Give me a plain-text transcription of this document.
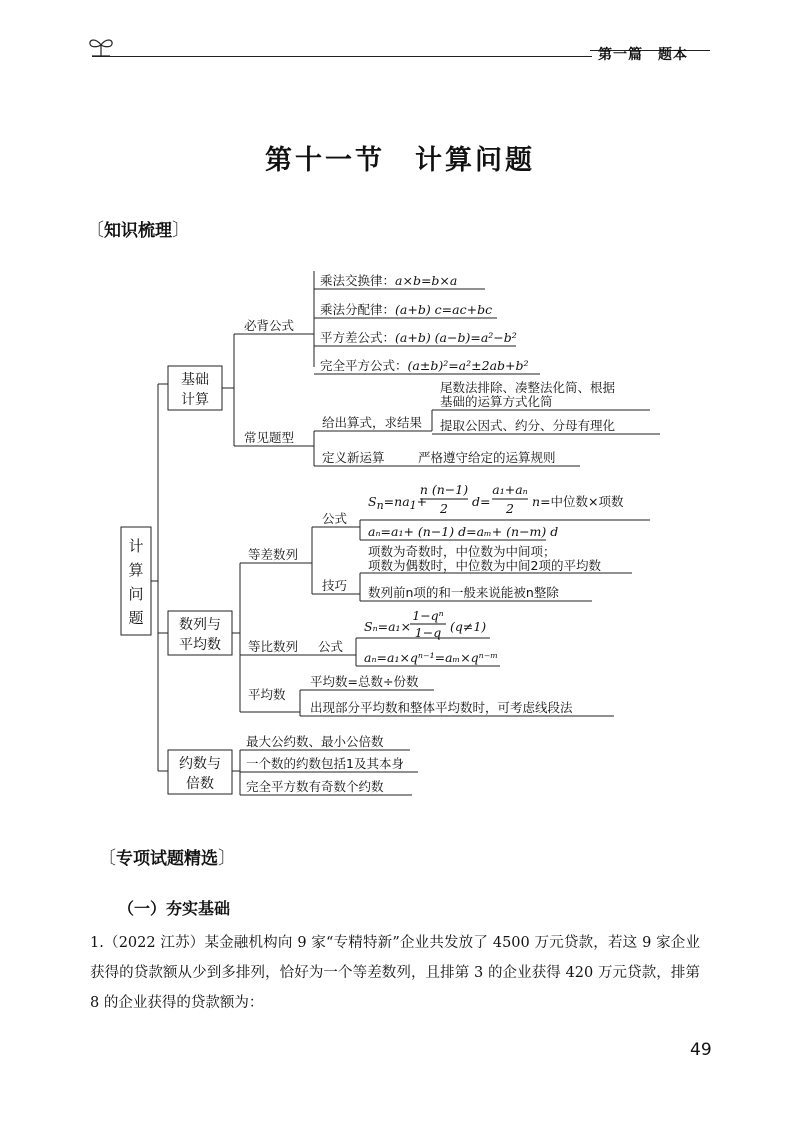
第一篇　题本
第十一节　计算问题
〔知识梳理〕
计
算
问
题
基础
计算
必背公式
乘法交换律：a×b=b×a
乘法分配律：(a+b) c=ac+bc
平方差公式：(a+b) (a−b)=a²−b²
完全平方公式：(a±b)²=a²±2ab+b²
常见题型
给出算式，求结果
尾数法排除、凑整法化简、根据
基础的运算方式化简
提取公因式、约分、分母有理化
定义新运算	严格遵守给定的运算规则
数列与
平均数
等差数列
公式
Sn=na1+
n (n−1)
2 d=
a₁+aₙ
2 n=中位数×项数
aₙ=a₁+ (n−1) d=aₘ+ (n−m) d
技巧
项数为奇数时，中位数为中间项；
项数为偶数时，中位数为中间2项的平均数
数列前n项的和一般来说能被n整除
等比数列 公式
Sₙ=a₁×
1−qⁿ
1−q (q≠1)
aₙ=a₁×qⁿ⁻¹=aₘ×qⁿ⁻ᵐ
平均数
平均数=总数÷份数
出现部分平均数和整体平均数时，可考虑线段法
约数与
倍数
最大公约数、最小公倍数
一个数的约数包括1及其本身
完全平方数有奇数个约数
〔专项试题精选〕
（一）夯实基础
1.（2022 江苏）某金融机构向 9 家“专精特新”企业共发放了 4500 万元贷款，若这 9 家企业获得的贷款额从少到多排列，恰好为一个等差数列，且排第 3 的企业获得 420 万元贷款，排第 8 的企业获得的贷款额为：
49
